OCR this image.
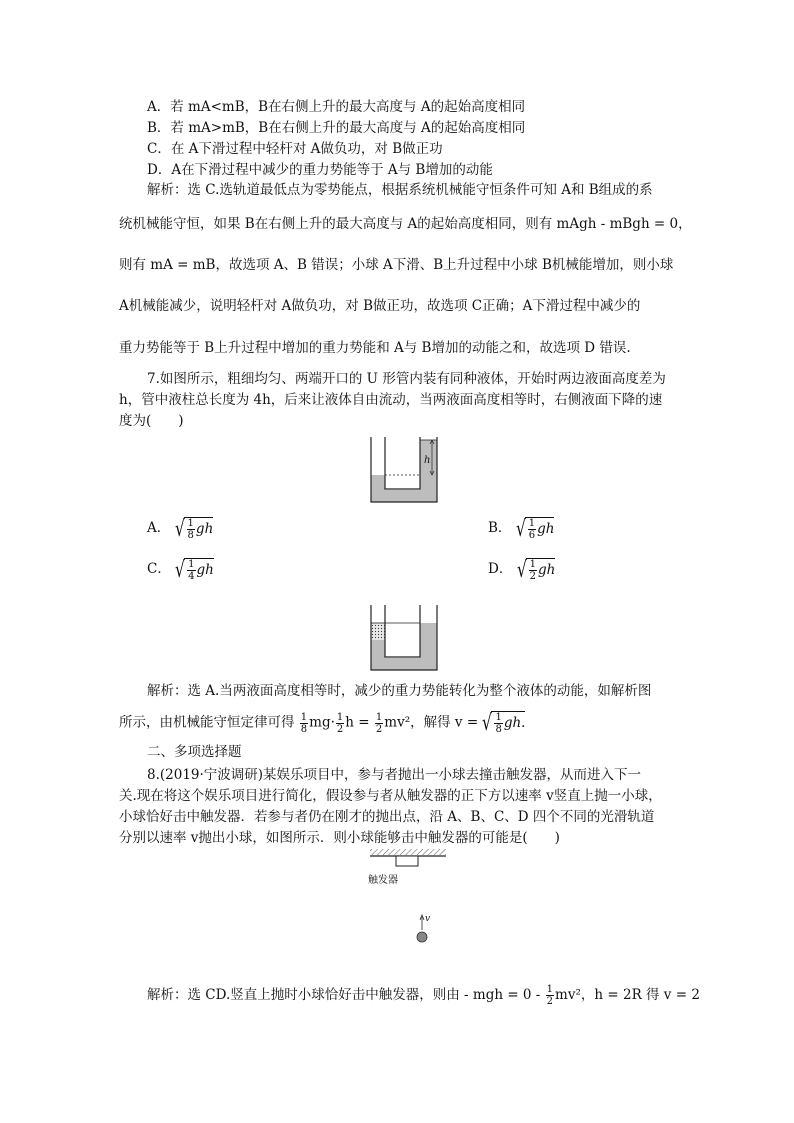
A．若 mA<mB，B在右侧上升的最大高度与 A的起始高度相同
B．若 mA>mB，B在右侧上升的最大高度与 A的起始高度相同
C．在 A下滑过程中轻杆对 A做负功，对 B做正功
D．A在下滑过程中减少的重力势能等于 A与 B增加的动能
解析：选 C.选轨道最低点为零势能点，根据系统机械能守恒条件可知 A和 B组成的系
统机械能守恒，如果 B在右侧上升的最大高度与 A的起始高度相同，则有 mAgh - mBgh = 0，
则有 mA = mB，故选项 A、B 错误；小球 A下滑、B上升过程中小球 B机械能增加，则小球
A机械能减少，说明轻杆对 A做负功，对 B做正功，故选项 C正确；A下滑过程中减少的
重力势能等于 B上升过程中增加的重力势能和 A与 B增加的动能之和，故选项 D 错误.
7.如图所示，粗细均匀、两端开口的 U 形管内装有同种液体，开始时两边液面高度差为
h，管中液柱总长度为 4h，后来让液体自由流动，当两液面高度相等时，右侧液面下降的速
度为(　　)
h
A． √ $\frac{1}{8}$ gh	B． √ $\frac{1}{6}$ gh
C． √ $\frac{1}{4}$ gh	D． √ $\frac{1}{2}$ gh
解析：选 A.当两液面高度相等时，减少的重力势能转化为整个液体的动能，如解析图
所示，由机械能守恒定律可得 $\frac{1}{8} mg\cdot \frac{1}{2}$ $h = \frac{1}{2} mv^2$，解得 v = √ $\frac{1}{8}$ gh.
二、多项选择题
8.(2019·宁波调研)某娱乐项目中，参与者抛出一小球去撞击触发器，从而进入下一
关.现在将这个娱乐项目进行简化，假设参与者从触发器的正下方以速率 v竖直上抛一小球，
小球恰好击中触发器．若参与者仍在刚才的抛出点，沿 A、B、C、D 四个不同的光滑轨道
分别以速率 v抛出小球，如图所示．则小球能够击中触发器的可能是(　　)
触发器
v
解析：选 CD.竖直上抛时小球恰好击中触发器，则由 - mgh = $0 - \frac{1}{2} mv^2$，h = 2R 得 v = 2
